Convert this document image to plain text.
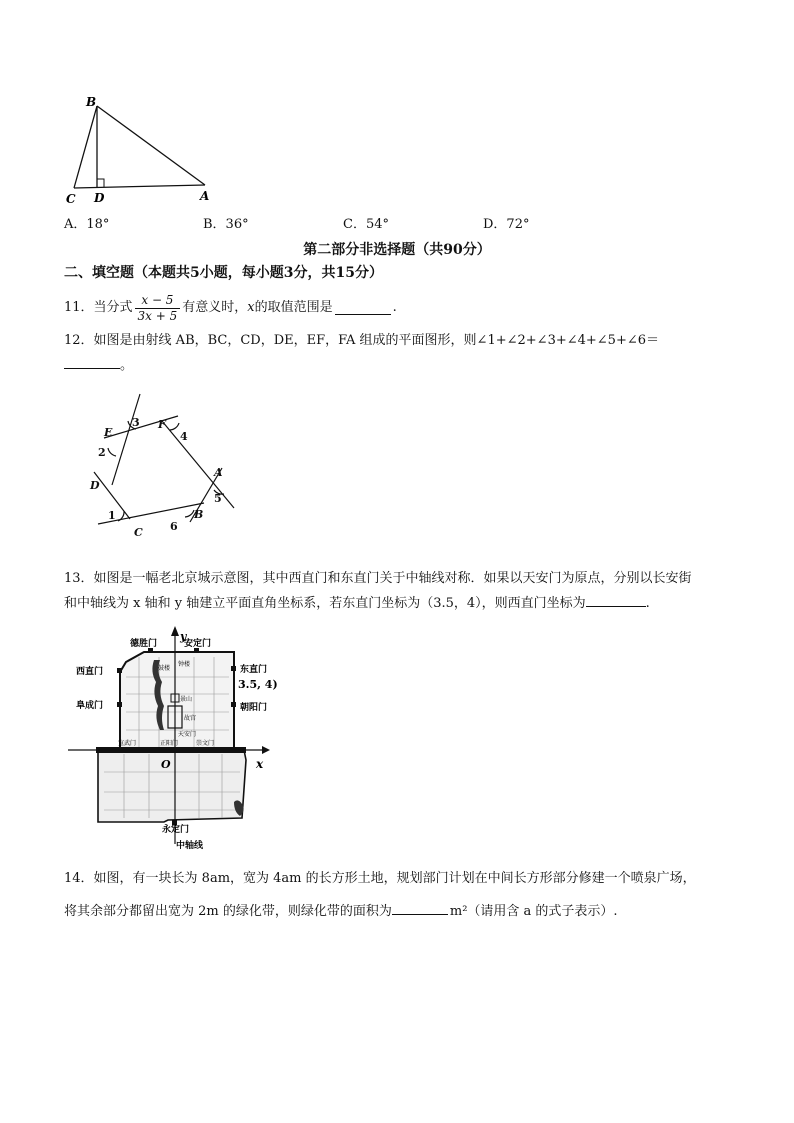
B
C D	A
A．18°	B．36°	C．54°	D．72°
第二部分非选择题（共90分）
二、填空题（本题共5小题，每小题3分，共15分）
11．当分式 $\frac{x - 5}{3x + 5}$ 有意义时， x 的取值范围是	.
12．如图是由射线 AB，BC，CD，DE，EF，FA 组成的平面图形，则∠1+∠2+∠3+∠4+∠5+∠6＝
。
E
F
A
B
C
D
1
2
3
4
5
6
13．如图是一幅老北京城示意图，其中西直门和东直门关于中轴线对称．如果以天安门为原点，分别以长安街
和中轴线为 x 轴和 y 轴建立平面直角坐标系，若东直门坐标为（3.5，4），则西直门坐标为	.
y
x
O
德胜门	安定门
西直门	东直门
3.5, 4)
阜成门	朝阳门
鼓楼
钟楼
景山
故宫
天安门
宣武门	正阳门	崇文门
永定门
中轴线
14．如图，有一块长为 8am，宽为 4am 的长方形土地，规划部门计划在中间长方形部分修建一个喷泉广场，
将其余部分都留出宽为 2m 的绿化带，则绿化带的面积为	m²（请用含 a 的式子表示）.
